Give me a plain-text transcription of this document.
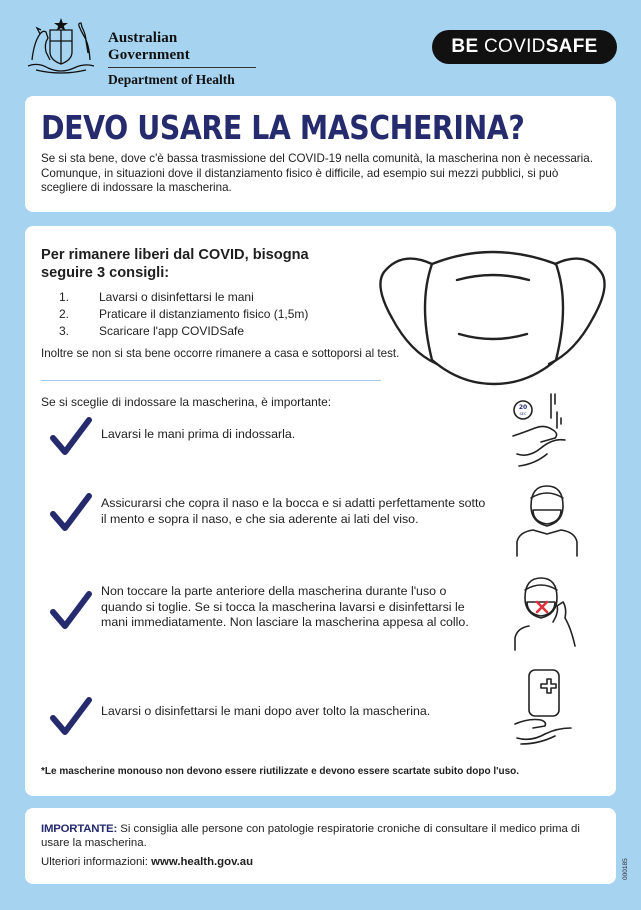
Australian Government
Department of Health
BE COVIDSAFE
DEVO USARE LA MASCHERINA?
Se si sta bene, dove c'è bassa trasmissione del COVID-19 nella comunità, la mascherina non è necessaria. Comunque, in situazioni dove il distanziamento fisico è difficile, ad esempio sui mezzi pubblici, si può scegliere di indossare la mascherina.
Per rimanere liberi dal COVID, bisogna seguire 3 consigli:
1. Lavarsi o disinfettarsi le mani
2. Praticare il distanziamento fisico (1,5m)
3. Scaricare l'app COVIDSafe
Inoltre se non si sta bene occorre rimanere a casa e sottoporsi al test.
Se si sceglie di indossare la mascherina, è importante:
Lavarsi le mani prima di indossarla.
20
SEC
Assicurarsi che copra il naso e la bocca e si adatti perfettamente sotto il mento e sopra il naso, e che sia aderente ai lati del viso.
Non toccare la parte anteriore della mascherina durante l'uso o quando si toglie. Se si tocca la mascherina lavarsi e disinfettarsi le mani immediatamente. Non lasciare la mascherina appesa al collo.
Lavarsi o disinfettarsi le mani dopo aver tolto la mascherina.
*Le mascherine monouso non devono essere riutilizzate e devono essere scartate subito dopo l'uso.
IMPORTANTE: Si consiglia alle persone con patologie respiratorie croniche di consultare il medico prima di usare la mascherina.
Ulteriori informazioni: www.health.gov.au	000185
